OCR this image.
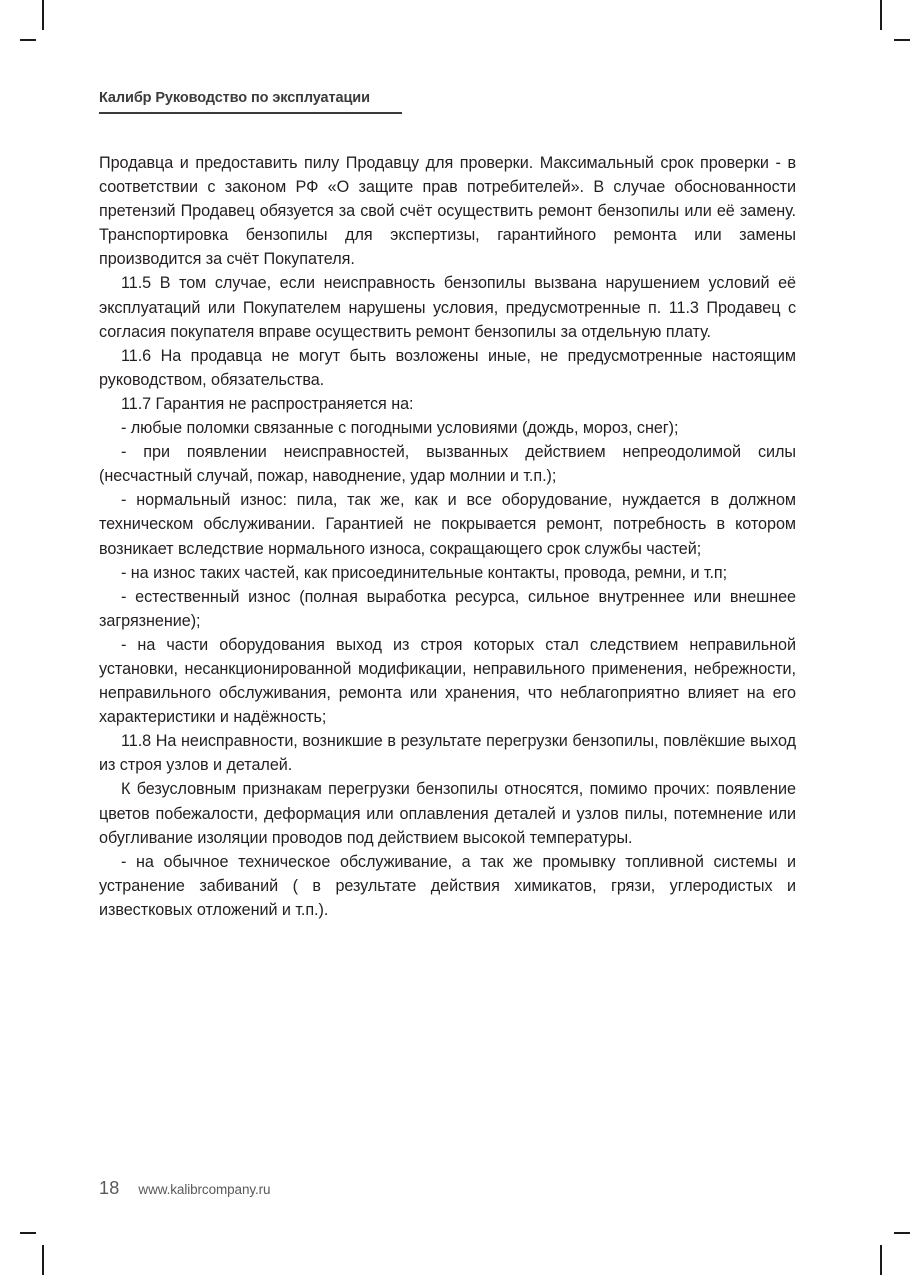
Калибр Руководство по эксплуатации

Продавца и предоставить пилу Продавцу для проверки. Максимальный срок проверки - в соответствии с законом РФ «О защите прав потребителей». В случае обоснованности претензий Продавец обязуется за свой счёт осуществить ремонт бензопилы или её замену. Транспортировка бензопилы для экспертизы, гарантийного ремонта или замены производится за счёт Покупателя.

11.5 В том случае, если неисправность бензопилы вызвана нарушением условий её эксплуатаций или Покупателем нарушены условия, предусмотренные п. 11.3 Продавец с согласия покупателя вправе осуществить ремонт бензопилы за отдельную плату.

11.6 На продавца не могут быть возложены иные, не предусмотренные настоящим руководством, обязательства.

11.7 Гарантия не распространяется на:

- любые поломки связанные с погодными условиями (дождь, мороз, снег);

- при появлении неисправностей, вызванных действием непреодолимой силы (несчастный случай, пожар, наводнение, удар молнии и т.п.);

- нормальный износ: пила, так же, как и все оборудование, нуждается в должном техническом обслуживании. Гарантией не покрывается ремонт, потребность в котором возникает вследствие нормального износа, сокращающего срок службы частей;

- на износ таких частей, как присоединительные контакты, провода, ремни, и т.п;

- естественный износ (полная выработка ресурса, сильное внутреннее или внешнее загрязнение);

- на части оборудования выход из строя которых стал следствием неправильной установки, несанкционированной модификации, неправильного применения, небрежности, неправильного обслуживания, ремонта или хранения, что неблагоприятно влияет на его характеристики и надёжность;

11.8 На неисправности, возникшие в результате перегрузки бензопилы, повлёкшие выход из строя узлов и деталей.

К безусловным признакам перегрузки бензопилы относятся, помимо прочих: появление цветов побежалости, деформация или оплавления деталей и узлов пилы, потемнение или обугливание изоляции проводов под действием высокой температуры.

- на обычное техническое обслуживание, а так же промывку топливной системы и устранение забиваний ( в результате действия химикатов, грязи, углеродистых и известковых отложений и т.п.).

18 www.kalibrcompany.ru
